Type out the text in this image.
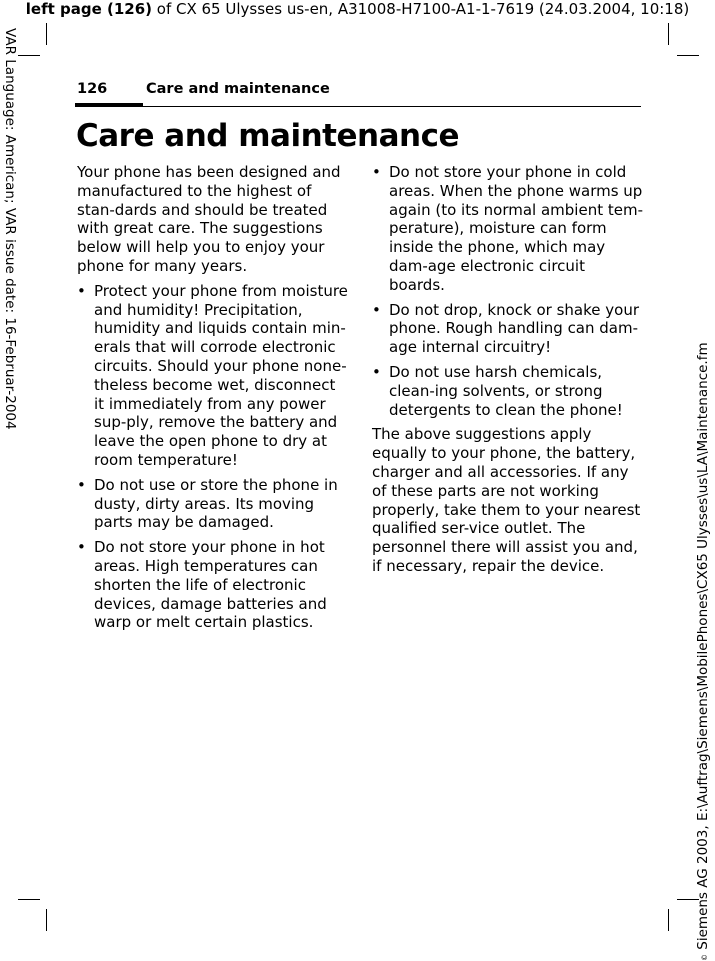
left page (126) of CX 65 Ulysses us-en, A31008-H7100-A1-1-7619 (24.03.2004, 10:18)
VAR Language: American; VAR issue date: 16-Februar-2004
© Siemens AG 2003, E:\Auftrag\Siemens\MobilePhones\CX65 Ulysses\us\LA\Maintenance.fm
126	Care and maintenance
Care and maintenance

Your phone has been designed and manufactured to the highest of stan-dards and should be treated with great care. The suggestions below will help you to enjoy your phone for many years.

• Protect your phone from moisture and humidity! Precipitation, humidity and liquids contain min-erals that will corrode electronic circuits. Should your phone none-theless become wet, disconnect it immediately from any power sup-ply, remove the battery and leave the open phone to dry at room temperature!
• Do not use or store the phone in dusty, dirty areas. Its moving parts may be damaged.
• Do not store your phone in hot areas. High temperatures can shorten the life of electronic devices, damage batteries and warp or melt certain plastics.
• Do not store your phone in cold areas. When the phone warms up again (to its normal ambient tem-perature), moisture can form inside the phone, which may dam-age electronic circuit boards.
• Do not drop, knock or shake your phone. Rough handling can dam-age internal circuitry!
• Do not use harsh chemicals, clean-ing solvents, or strong detergents to clean the phone!

The above suggestions apply equally to your phone, the battery, charger and all accessories. If any of these parts are not working properly, take them to your nearest qualified ser-vice outlet. The personnel there will assist you and, if necessary, repair the device.
